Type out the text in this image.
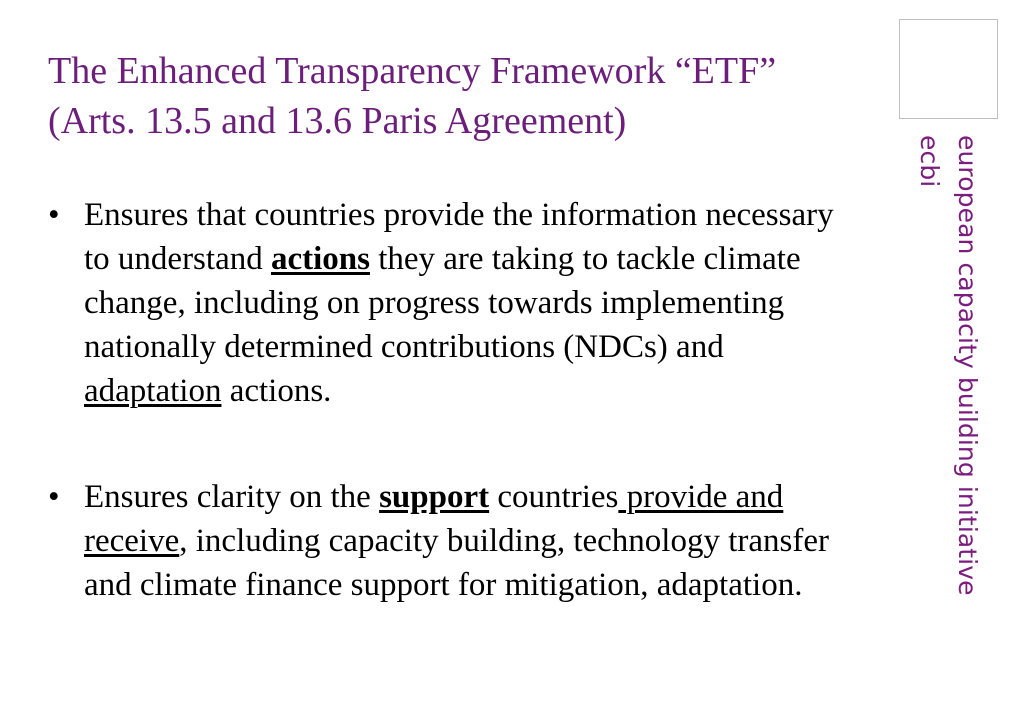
The Enhanced Transparency Framework “ETF”
(Arts. 13.5 and 13.6 Paris Agreement)
european capacity building initiative
ecbi
• Ensures that countries provide the information necessary
to understand actions they are taking to tackle climate
change, including on progress towards implementing
nationally determined contributions (NDCs) and
adaptation actions.
• Ensures clarity on the support countries provide and
receive, including capacity building, technology transfer
and climate finance support for mitigation, adaptation.
